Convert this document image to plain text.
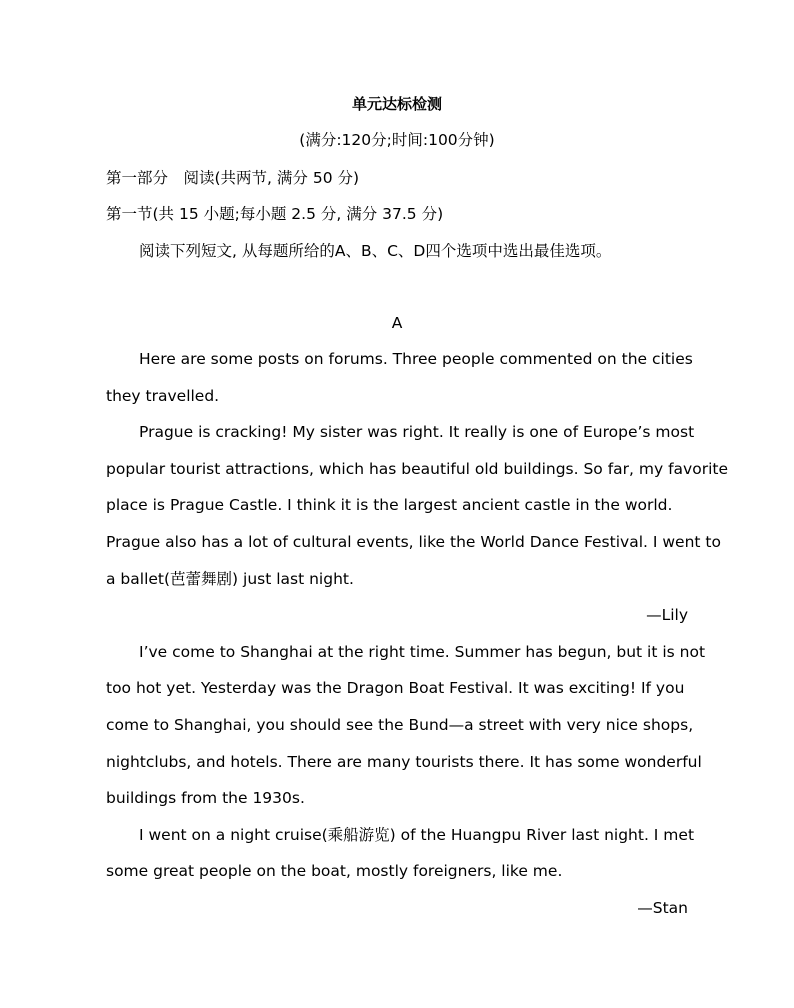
单元达标检测
(满分:120分;时间:100分钟)
第一部分　阅读(共两节, 满分 50 分)
第一节(共 15 小题;每小题 2.5 分, 满分 37.5 分)
阅读下列短文, 从每题所给的A、B、C、D四个选项中选出最佳选项。
A
Here are some posts on forums. Three people commented on the cities
they travelled.
Prague is cracking! My sister was right. It really is one of Europe’s most
popular tourist attractions, which has beautiful old buildings. So far, my favorite
place is Prague Castle. I think it is the largest ancient castle in the world.
Prague also has a lot of cultural events, like the World Dance Festival. I went to
a ballet(芭蕾舞剧) just last night.
—Lily
I’ve come to Shanghai at the right time. Summer has begun, but it is not
too hot yet. Yesterday was the Dragon Boat Festival. It was exciting! If you
come to Shanghai, you should see the Bund—a street with very nice shops,
nightclubs, and hotels. There are many tourists there. It has some wonderful
buildings from the 1930s.
I went on a night cruise(乘船游览) of the Huangpu River last night. I met
some great people on the boat, mostly foreigners, like me.
—Stan
